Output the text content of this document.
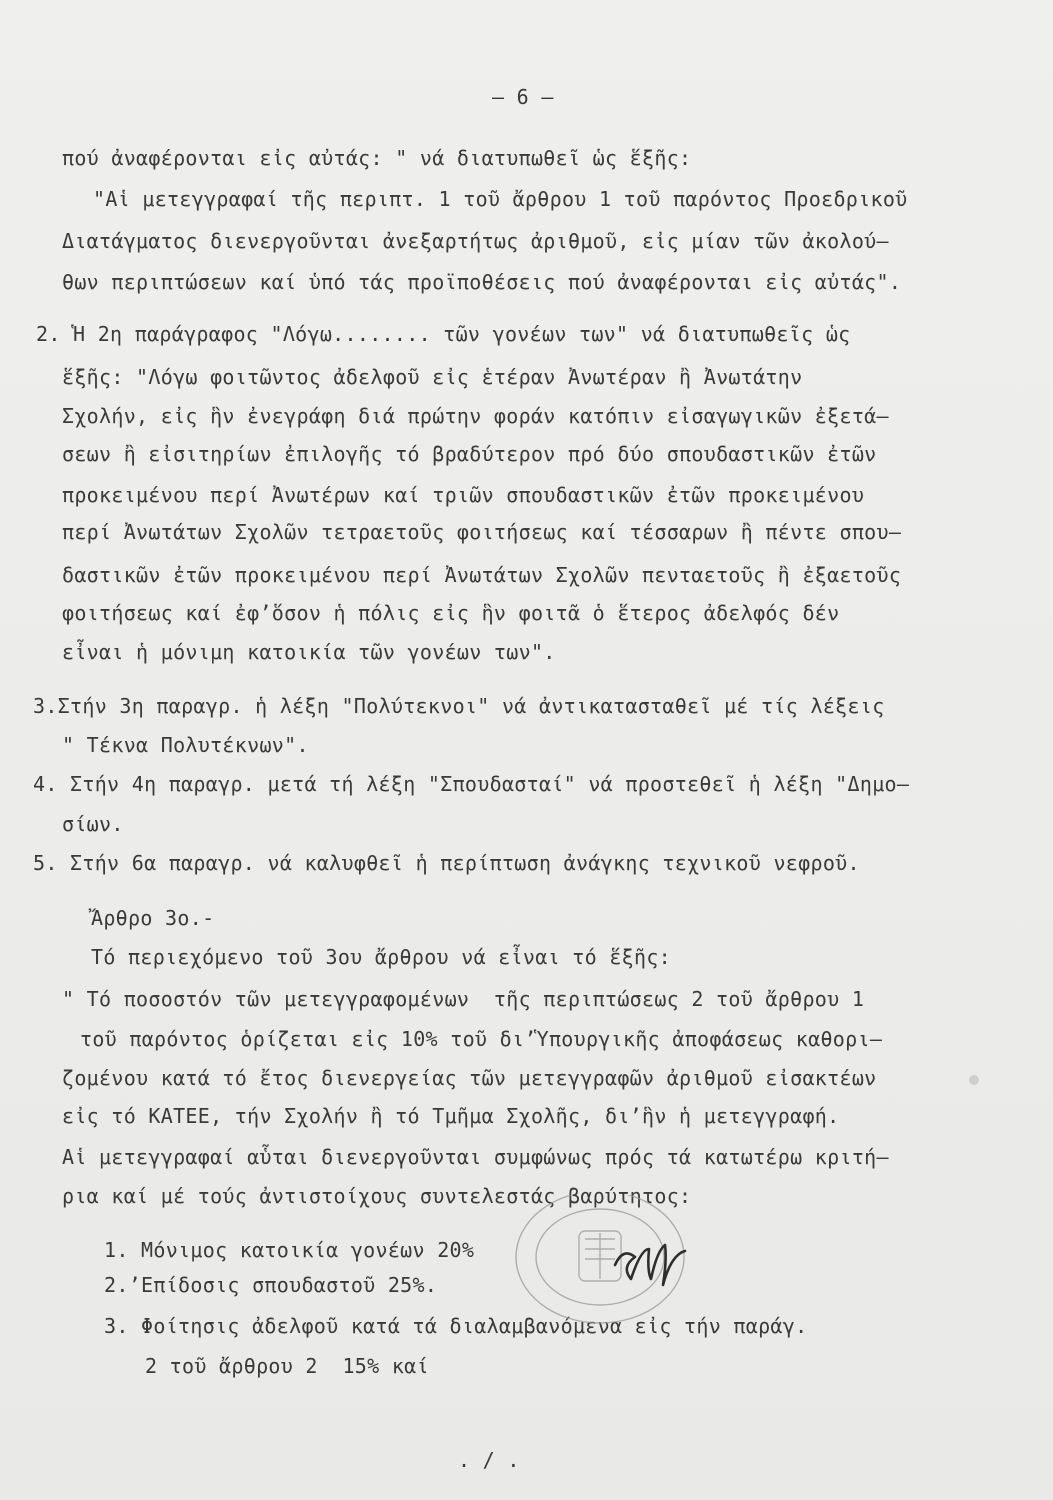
– 6 –
πού ἀναφέρονται εἰς αὐτάς: " νά διατυπωθεῖ ὡς ἕξῆς:
"Αἱ μετεγγραφαί τῆς περιπτ. 1 τοῦ ἄρθρου 1 τοῦ παρόντος Προεδρικοῦ
Διατάγματος διενεργοῦνται ἀνεξαρτήτως ἀριθμοῦ, εἰς μίαν τῶν ἀκολού–
θων περιπτώσεων καί ὑπό τάς προϊποθέσεις πού ἀναφέρονται εἰς αὐτάς".
2. Ἡ 2η παράγραφος "Λόγω........ τῶν γονέων των" νά διατυπωθεῖς ὡς
ἕξῆς: "Λόγω φοιτῶντος ἀδελφοῦ εἰς ἑτέραν Ἀνωτέραν ἢ Ἀνωτάτην
Σχολήν, εἰς ἣν ἐνεγράφη διά πρώτην φοράν κατόπιν εἰσαγωγικῶν ἐξετά–
σεων ἢ εἰσιτηρίων ἐπιλογῆς τό βραδύτερον πρό δύο σπουδαστικῶν ἐτῶν
προκειμένου περί Ἀνωτέρων καί τριῶν σπουδαστικῶν ἐτῶν προκειμένου
περί Ἀνωτάτων Σχολῶν τετραετοῦς φοιτήσεως καί τέσσαρων ἢ πέντε σπου–
δαστικῶν ἐτῶν προκειμένου περί Ἀνωτάτων Σχολῶν πενταετοῦς ἢ ἐξαετοῦς
φοιτήσεως καί ἐφ’ὅσον ἡ πόλις εἰς ἣν φοιτᾶ ὁ ἕτερος ἀδελφός δέν
εἶναι ἡ μόνιμη κατοικία τῶν γονέων των".
3.Στήν 3η παραγρ. ἡ λέξη "Πολύτεκνοι" νά ἀντικατασταθεῖ μέ τίς λέξεις
" Τέκνα Πολυτέκνων".
4. Στήν 4η παραγρ. μετά τή λέξη "Σπουδασταί" νά προστεθεῖ ἡ λέξη "Δημο–
σίων.
5. Στήν 6α παραγρ. νά καλυφθεῖ ἡ περίπτωση ἀνάγκης τεχνικοῦ νεφροῦ.
Ἄρθρο 3ο.-
Τό περιεχόμενο τοῦ 3ου ἄρθρου νά εἶναι τό ἕξῆς:
" Τό ποσοστόν τῶν μετεγγραφομένων  τῆς περιπτώσεως 2 τοῦ ἄρθρου 1
τοῦ παρόντος ὁρίζεται εἰς 10% τοῦ δι’Ὑπουργικῆς ἀποφάσεως καθορι–
ζομένου κατά τό ἔτος διενεργείας τῶν μετεγγραφῶν ἀριθμοῦ εἰσακτέων
εἰς τό ΚΑΤΕΕ, τήν Σχολήν ἢ τό Τμῆμα Σχολῆς, δι’ἣν ἡ μετεγγραφή.
Αἱ μετεγγραφαί αὗται διενεργοῦνται συμφώνως πρός τά κατωτέρω κριτή–
ρια καί μέ τούς ἀντιστοίχους συντελεστάς βαρύτητος:
1. Μόνιμος κατοικία γονέων 20%
2.’Επίδοσις σπουδαστοῦ 25%.
3. Φοίτησις ἀδελφοῦ κατά τά διαλαμβανόμενα εἰς τήν παράγ.
2 τοῦ ἄρθρου 2  15% καί
. / .
